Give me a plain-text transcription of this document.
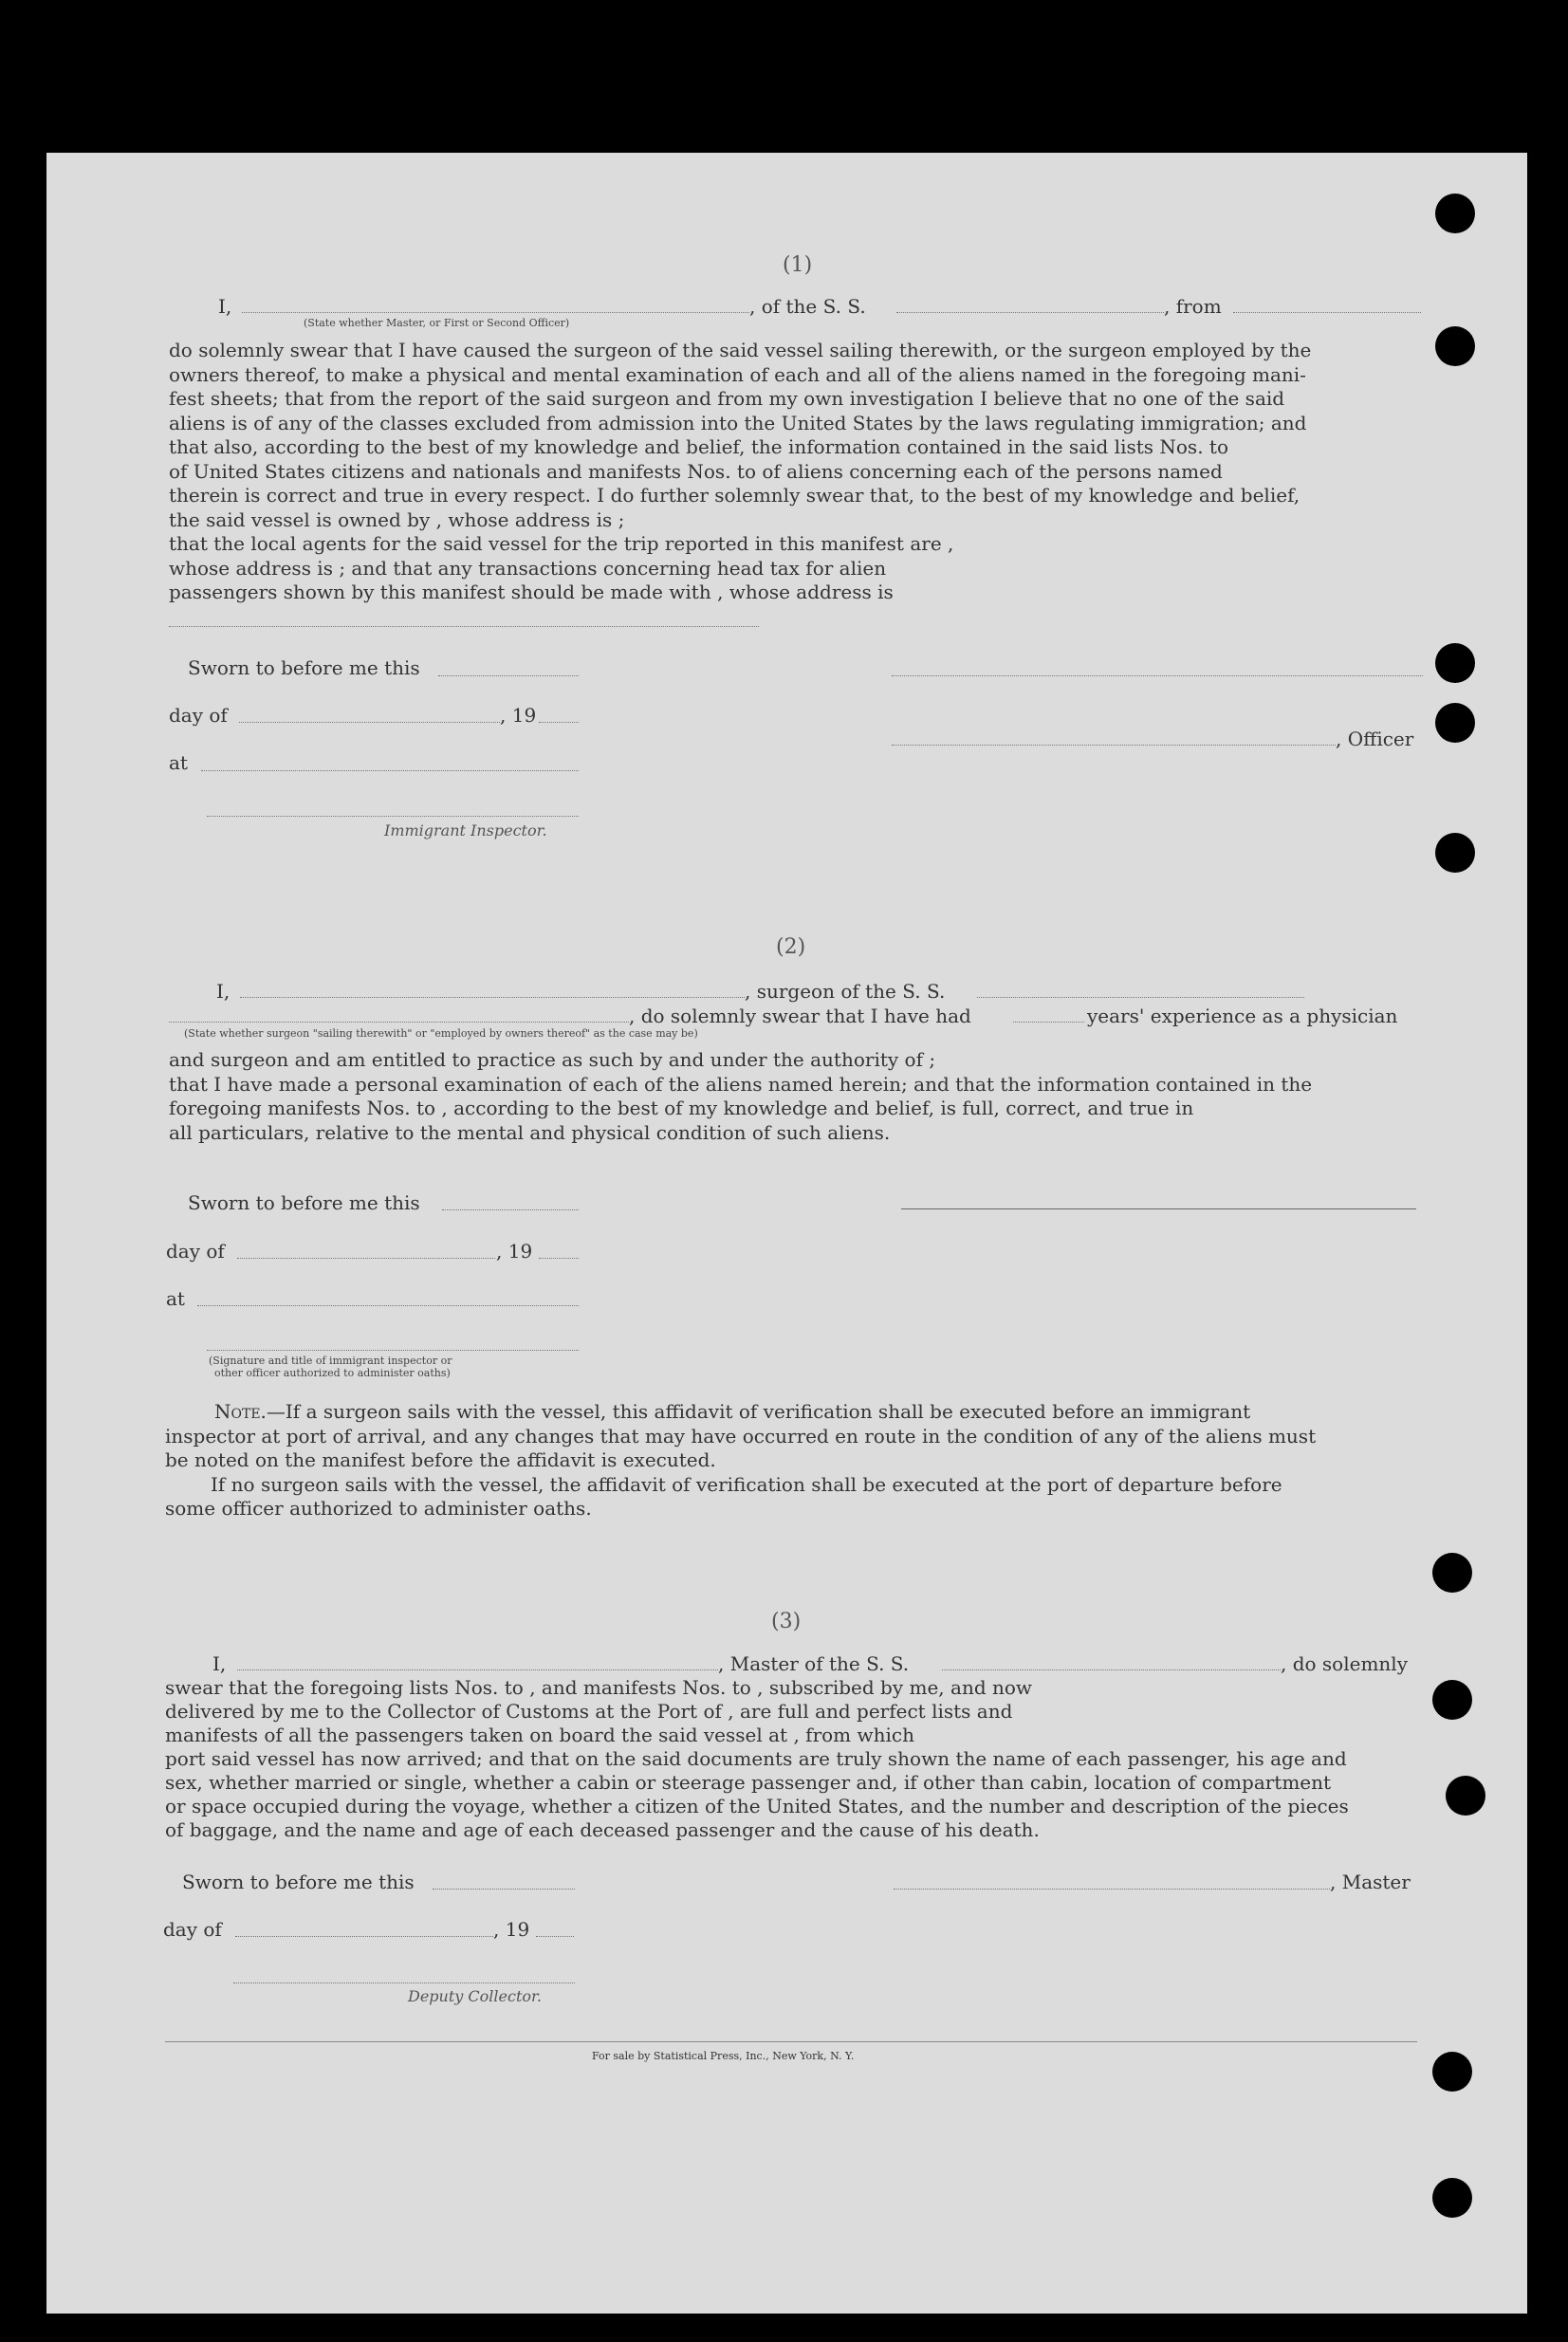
(1)
I,	, of the S. S.	, from
(State whether Master, or First or Second Officer)
do solemnly swear that I have caused the surgeon of the said vessel sailing therewith, or the surgeon employed by the
owners thereof, to make a physical and mental examination of each and all of the aliens named in the foregoing mani-
fest sheets; that from the report of the said surgeon and from my own investigation I believe that no one of the said
aliens is of any of the classes excluded from admission into the United States by the laws regulating immigration; and
that also, according to the best of my knowledge and belief, the information contained in the said lists Nos. to
of United States citizens and nationals and manifests Nos. to of aliens concerning each of the persons named
therein is correct and true in every respect. I do further solemnly swear that, to the best of my knowledge and belief,
the said vessel is owned by , whose address is ;
that the local agents for the said vessel for the trip reported in this manifest are ,
whose address is ; and that any transactions concerning head tax for alien
passengers shown by this manifest should be made with , whose address is
Sworn to before me this
day of	, 19
, Officer
at
Immigrant Inspector.
(2)
I,	, surgeon of the S. S.
, do solemnly swear that I have had	years' experience as a physician
(State whether surgeon "sailing therewith" or "employed by owners thereof" as the case may be)
and surgeon and am entitled to practice as such by and under the authority of ;
that I have made a personal examination of each of the aliens named herein; and that the information contained in the
foregoing manifests Nos. to , according to the best of my knowledge and belief, is full, correct, and true in
all particulars, relative to the mental and physical condition of such aliens.
Sworn to before me this
day of	, 19
at
(Signature and title of immigrant inspector or
other officer authorized to administer oaths)
Note.—If a surgeon sails with the vessel, this affidavit of verification shall be executed before an immigrant
inspector at port of arrival, and any changes that may have occurred en route in the condition of any of the aliens must
be noted on the manifest before the affidavit is executed.
If no surgeon sails with the vessel, the affidavit of verification shall be executed at the port of departure before
some officer authorized to administer oaths.
(3)
I,	, Master of the S. S.	, do solemnly
swear that the foregoing lists Nos. to , and manifests Nos. to , subscribed by me, and now
delivered by me to the Collector of Customs at the Port of , are full and perfect lists and
manifests of all the passengers taken on board the said vessel at , from which
port said vessel has now arrived; and that on the said documents are truly shown the name of each passenger, his age and
sex, whether married or single, whether a cabin or steerage passenger and, if other than cabin, location of compartment
or space occupied during the voyage, whether a citizen of the United States, and the number and description of the pieces
of baggage, and the name and age of each deceased passenger and the cause of his death.
Sworn to before me this	, Master
day of	, 19
Deputy Collector.
For sale by Statistical Press, Inc., New York, N. Y.
